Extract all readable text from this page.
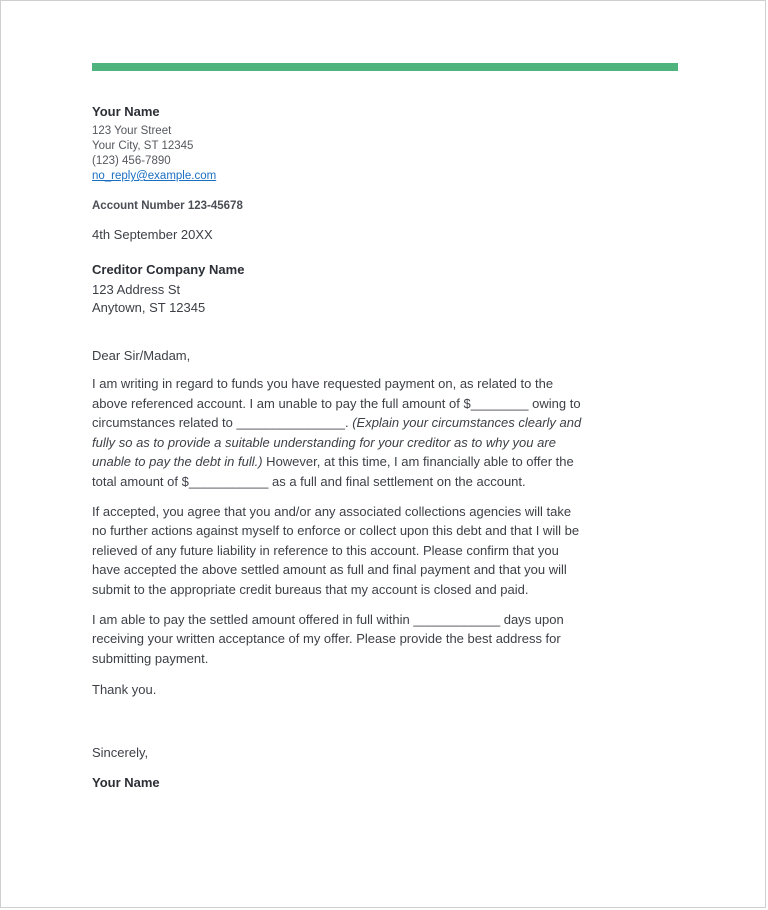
Your Name

123 Your Street

Your City, ST 12345

(123) 456-7890

no_reply@example.com

Account Number 123-45678
4th September 20XX
Creditor Company Name

123 Address St

Anytown, ST 12345

Dear Sir/Madam,
I am writing in regard to funds you have requested payment on, as related to the above referenced account. I am unable to pay the full amount of $________ owing to circumstances related to _______________. (Explain your circumstances clearly and fully so as to provide a suitable understanding for your creditor as to why you are unable to pay the debt in full.) However, at this time, I am financially able to offer the total amount of $___________ as a full and final settlement on the account.
If accepted, you agree that you and/or any associated collections agencies will take no further actions against myself to enforce or collect upon this debt and that I will be relieved of any future liability in reference to this account. Please confirm that you have accepted the above settled amount as full and final payment and that you will submit to the appropriate credit bureaus that my account is closed and paid.
I am able to pay the settled amount offered in full within ____________ days upon receiving your written acceptance of my offer. Please provide the best address for submitting payment.
Thank you.
Sincerely,
Your Name
